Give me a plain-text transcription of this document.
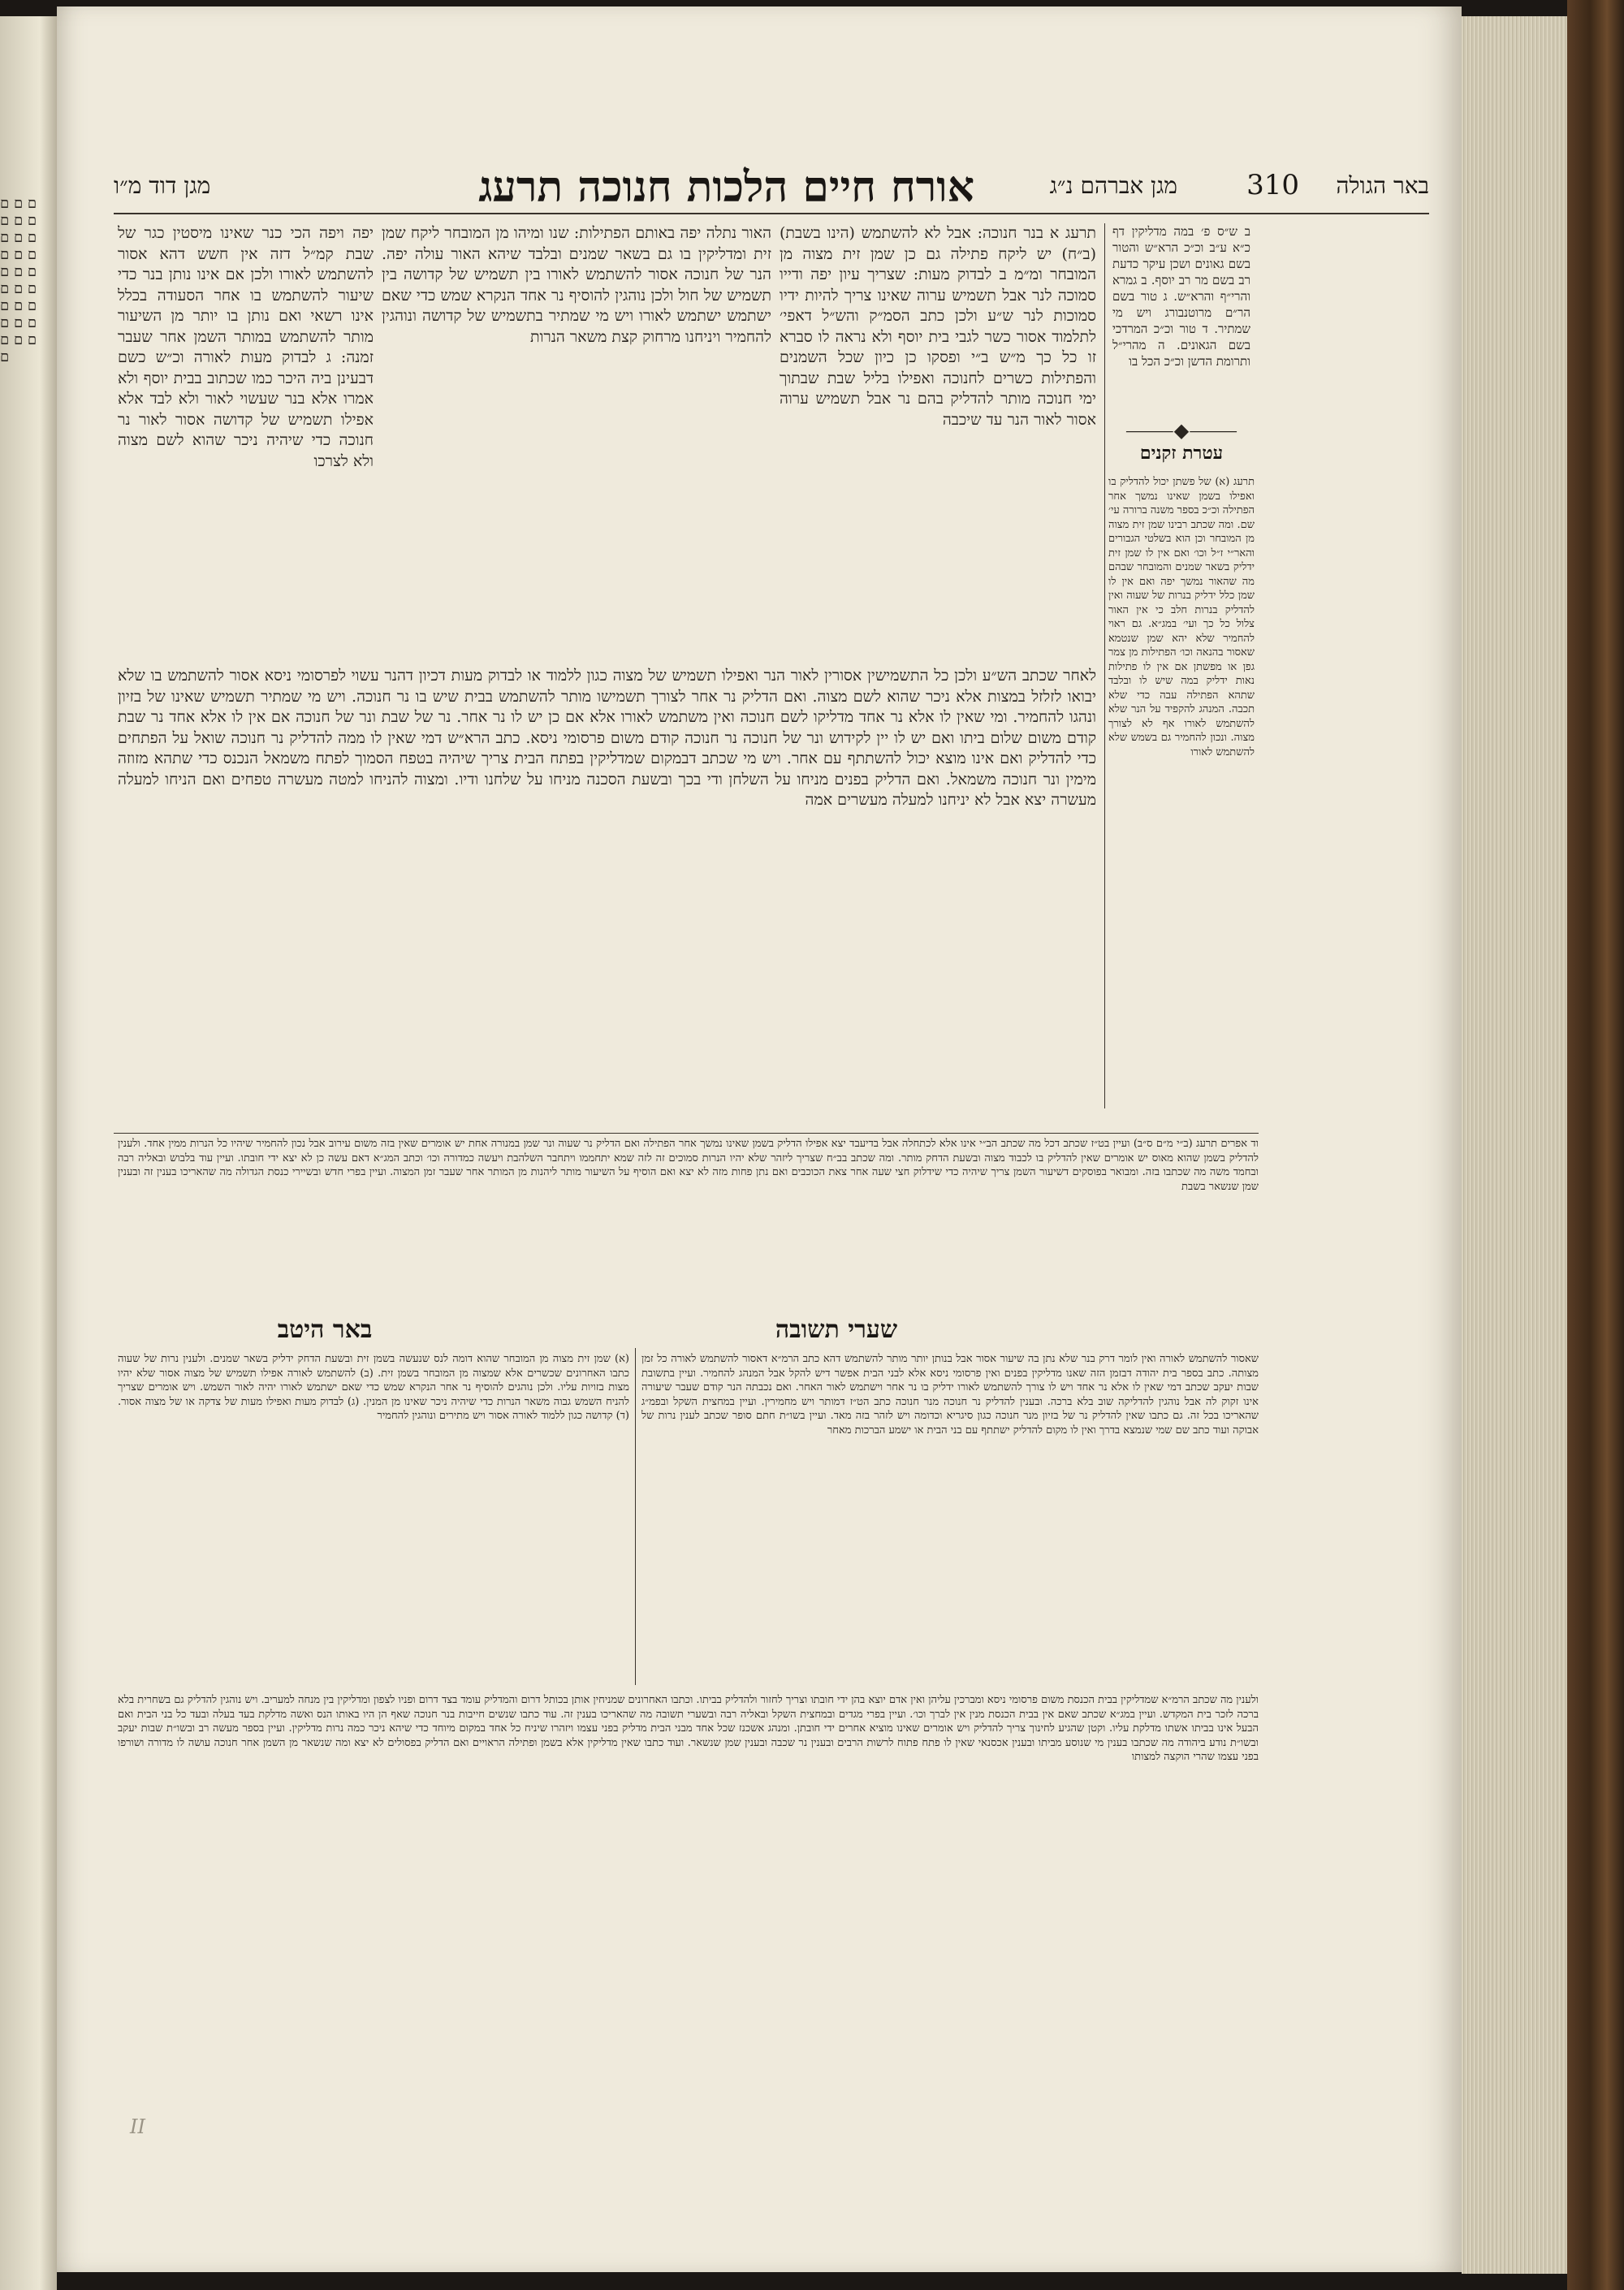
ם ם ם ם ם ם ם ם ם ם ם ם ם ם ם ם ם ם ם ם ם ם ם ם ם ם ם ם
באר הגולה
310
מגן אברהם נ״ג
אורח חיים הלכות חנוכה תרעג
מגן דוד מ״ו
ב ש״ס פ׳ במה מדליקין דף כ״א ע״ב וכ״כ הרא״ש והטור בשם גאונים ושכן עיקר כדעת רב בשם מר רב יוסף. ב גמרא והרי״ף והרא״ש. ג טור בשם הר״ם מרוטנבורג ויש מי שמתיר. ד טור וכ״כ המרדכי בשם הגאונים. ה מהרי״ל ותרומת הדשן וכ״כ הכל בו
⸻◆⸻
עטרת זקנים
תרעג (א) של פשתן יכול להדליק בו ואפילו בשמן שאינו נמשך אחר הפתילה וכ״כ בספר משנה ברורה עי׳ שם. ומה שכתב רבינו שמן זית מצוה מן המובחר וכן הוא בשלטי הגבורים והאר״י ז״ל וכו׳ ואם אין לו שמן זית ידליק בשאר שמנים והמובחר שבהם מה שהאור נמשך יפה ואם אין לו שמן כלל ידליק בנרות של שעוה ואין להדליק בנרות חלב כי אין האור צלול כל כך ועי׳ במג״א. גם ראוי להחמיר שלא יהא שמן שנטמא שאסור בהנאה וכו׳ הפתילות מן צמר גפן או מפשתן אם אין לו פתילות נאות ידליק במה שיש לו ובלבד שתהא הפתילה עבה כדי שלא תכבה. המנהג להקפיד על הנר שלא להשתמש לאורו אף לא לצורך מצוה. ונכון להחמיר גם בשמש שלא להשתמש לאורו
תרעג א בנר חנוכה: אבל לא להשתמש (הינו בשבת) (ב״ח) יש ליקח פתילה גם כן שמן זית מצוה מן המובחר ומ״מ ב לבדוק מעות: שצריך עיון יפה ודייו סמוכה לנר אבל תשמיש ערוה שאינו צריך להיות ידיו סמוכות לנר ש״ע ולכן כתב הסמ״ק והש״ל דאפי׳ לתלמוד אסור כשר לגבי בית יוסף ולא נראה לו סברא זו כל כך מ״ש ב״י ופסקו כן כיון שכל השמנים והפתילות כשרים לחנוכה ואפילו בליל שבת שבתוך ימי חנוכה מותר להדליק בהם נר אבל תשמיש ערוה אסור לאור הנר עד שיכבה
האור נתלה יפה באותם הפתילות: שנו ומיהו מן המובחר ליקח שמן זית ומדליקין בו גם בשאר שמנים ובלבד שיהא האור עולה יפה. הנר של חנוכה אסור להשתמש לאורו בין תשמיש של קדושה בין תשמיש של חול ולכן נוהגין להוסיף נר אחד הנקרא שמש כדי שאם ישתמש ישתמש לאורו ויש מי שמתיר בתשמיש של קדושה ונוהגין להחמיר ויניחנו מרחוק קצת משאר הנרות
יפה ויפה הכי כנר שאינו מיסטין כגר של שבת קמ״ל דזה אין חשש דהא אסור להשתמש לאורו ולכן אם אינו נותן בנר כדי שיעור להשתמש בו אחר הסעודה בכלל אינו רשאי ואם נותן בו יותר מן השיעור מותר להשתמש במותר השמן אחר שעבר זמנה: ג לבדוק מעות לאורה וכ״ש כשם דבעינן ביה היכר כמו שכתוב בבית יוסף ולא אמרו אלא בנר שעשוי לאור ולא לבד אלא אפילו תשמיש של קדושה אסור לאור נר חנוכה כדי שיהיה ניכר שהוא לשם מצוה ולא לצרכו
לאחר שכתב הש״ע ולכן כל התשמישין אסורין לאור הנר ואפילו תשמיש של מצוה כגון ללמוד או לבדוק מעות דכיון דהנר עשוי לפרסומי ניסא אסור להשתמש בו שלא יבואו לזלזל במצות אלא ניכר שהוא לשם מצוה. ואם הדליק נר אחר לצורך תשמישו מותר להשתמש בבית שיש בו נר חנוכה. ויש מי שמתיר תשמיש שאינו של בזיון ונהגו להחמיר. ומי שאין לו אלא נר אחד מדליקו לשם חנוכה ואין משתמש לאורו אלא אם כן יש לו נר אחר. נר של שבת ונר של חנוכה אם אין לו אלא אחד נר שבת קודם משום שלום ביתו ואם יש לו יין לקידוש ונר של חנוכה נר חנוכה קודם משום פרסומי ניסא. כתב הרא״ש דמי שאין לו ממה להדליק נר חנוכה שואל על הפתחים כדי להדליק ואם אינו מוצא יכול להשתתף עם אחר. ויש מי שכתב דבמקום שמדליקין בפתח הבית צריך שיהיה בטפח הסמוך לפתח משמאל הנכנס כדי שתהא מזוזה מימין ונר חנוכה משמאל. ואם הדליק בפנים מניחו על השלחן ודי בכך ובשעת הסכנה מניחו על שלחנו ודיו. ומצוה להניחו למטה מעשרה טפחים ואם הניחו למעלה מעשרה יצא אבל לא יניחנו למעלה מעשרים אמה
וד אפרים תרעג (ב״י מ״ם ס״ב) ועיין בט״ז שכתב דכל מה שכתב הב״י אינו אלא לכתחלה אבל בדיעבד יצא אפילו הדליק בשמן שאינו נמשך אחר הפתילה ואם הדליק נר שעוה ונר שמן במנורה אחת יש אומרים שאין בזה משום עירוב אבל נכון להחמיר שיהיו כל הנרות ממין אחד. ולענין להדליק בשמן שהוא מאוס יש אומרים שאין להדליק בו לכבוד מצוה ובשעת הדחק מותר. ומה שכתב בב״ח שצריך ליזהר שלא יהיו הנרות סמוכים זה לזה שמא יתחממו ויתחבר השלהבת ויעשה כמדורה וכו׳ וכתב המג״א דאם עשה כן לא יצא ידי חובתו. ועיין עוד בלבוש ובאליה רבה ובחמד משה מה שכתבו בזה. ומבואר בפוסקים דשיעור השמן צריך שיהיה כדי שידלוק חצי שעה אחר צאת הכוכבים ואם נתן פחות מזה לא יצא ואם הוסיף על השיעור מותר ליהנות מן המותר אחר שעבר זמן המצוה. ועיין בפרי חדש ובשיירי כנסת הגדולה מה שהאריכו בענין זה ובענין שמן שנשאר בשבת
שערי תשובה
באר היטב
שאסור להשתמש לאורה ואין לומר דרק בנר שלא נתן בה שיעור אסור אבל בנותן יותר מותר להשתמש דהא כתב הרמ״א דאסור להשתמש לאורה כל זמן מצותה. כתב בספר בית יהודה דבזמן הזה שאנו מדליקין בפנים ואין פרסומי ניסא אלא לבני הבית אפשר דיש להקל אבל המנהג להחמיר. ועיין בתשובת שבות יעקב שכתב דמי שאין לו אלא נר אחד ויש לו צורך להשתמש לאורו ידליק בו נר אחר וישתמש לאור האחר. ואם נכבתה הנר קודם שעבר שיעורה אינו זקוק לה אבל נוהגין להדליקה שוב בלא ברכה. ובענין להדליק נר חנוכה מנר חנוכה כתב הט״ז דמותר ויש מחמירין. ועיין במחצית השקל ובפמ״ג שהאריכו בכל זה. גם כתבו שאין להדליק נר של בזיון מנר חנוכה כגון סיגריא וכדומה ויש לזהר בזה מאד. ועיין בשו״ת חתם סופר שכתב לענין נרות של אבוקה ועוד כתב שם שמי שנמצא בדרך ואין לו מקום להדליק ישתתף עם בני הבית או ישמע הברכות מאחר
(א) שמן זית מצוה מן המובחר שהוא דומה לנס שנעשה בשמן זית ובשעת הדחק ידליק בשאר שמנים. ולענין נרות של שעוה כתבו האחרונים שכשרים אלא שמצוה מן המובחר בשמן זית. (ב) להשתמש לאורה אפילו תשמיש של מצוה אסור שלא יהיו מצות בזויות עליו. ולכן נוהגים להוסיף נר אחר הנקרא שמש כדי שאם ישתמש לאורו יהיה לאור השמש. ויש אומרים שצריך להניח השמש גבוה משאר הנרות כדי שיהיה ניכר שאינו מן המנין. (ג) לבדוק מעות ואפילו מעות של צדקה או של מצוה אסור. (ד) קדושה כגון ללמוד לאורה אסור ויש מתירים ונוהגין להחמיר
ולענין מה שכתב הרמ״א שמדליקין בבית הכנסת משום פרסומי ניסא ומברכין עליהן ואין אדם יוצא בהן ידי חובתו וצריך לחזור ולהדליק בביתו. וכתבו האחרונים שמניחין אותן בכותל דרום והמדליק עומד בצד דרום ופניו לצפון ומדליקין בין מנחה למעריב. ויש נוהגין להדליק גם בשחרית בלא ברכה לזכר בית המקדש. ועיין במג״א שכתב שאם אין בבית הכנסת מנין אין לברך וכו׳. ועיין בפרי מגדים ובמחצית השקל ובאליה רבה ובשערי תשובה מה שהאריכו בענין זה. עוד כתבו שנשים חייבות בנר חנוכה שאף הן היו באותו הנס ואשה מדלקת בעד בעלה ובעד כל בני הבית ואם הבעל אינו בביתו אשתו מדלקת עליו. וקטן שהגיע לחינוך צריך להדליק ויש אומרים שאינו מוציא אחרים ידי חובתן. ומנהג אשכנז שכל אחד מבני הבית מדליק בפני עצמו ויזהרו שיניח כל אחד במקום מיוחד כדי שיהא ניכר כמה נרות מדליקין. ועיין בספר מעשה רב ובשו״ת שבות יעקב ובשו״ת נודע ביהודה מה שכתבו בענין מי שנוסע מביתו ובענין אכסנאי שאין לו פתח פתוח לרשות הרבים ובענין נר שכבה ובענין שמן שנשאר. ועוד כתבו שאין מדליקין אלא בשמן ופתילה הראויים ואם הדליק בפסולים לא יצא ומה שנשאר מן השמן אחר חנוכה עושה לו מדורה ושורפו בפני עצמו שהרי הוקצה למצותו
II
